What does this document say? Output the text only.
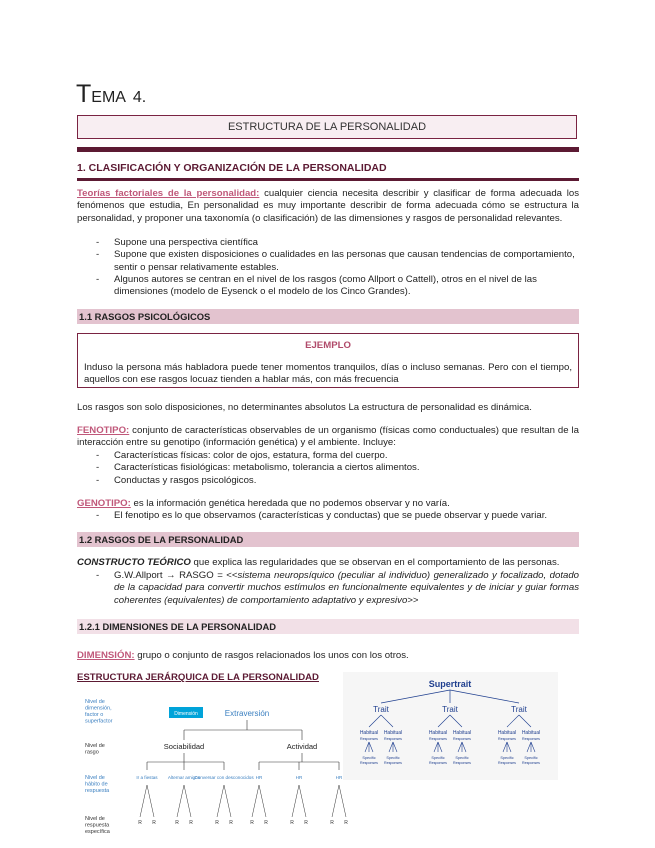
TEMA 4.
ESTRUCTURA DE LA PERSONALIDAD
1. CLASIFICACIÓN Y ORGANIZACIÓN DE LA PERSONALIDAD
Teorías factoriales de la personalidad: cualquier ciencia necesita describir y clasificar de forma adecuada los fenómenos que estudia, En personalidad es muy importante describir de forma adecuada cómo se estructura la personalidad, y proponer una taxonomía (o clasificación) de las dimensiones y rasgos de personalidad relevantes.
- Supone una perspectiva científica
- Supone que existen disposiciones o cualidades en las personas que causan tendencias de comportamiento, sentir o pensar relativamente estables.
- Algunos autores se centran en el nivel de los rasgos (como Allport o Cattell), otros en el nivel de las dimensiones (modelo de Eysenck o el modelo de los Cinco Grandes).
1.1 RASGOS PSICOLÓGICOS
EJEMPLO
Induso la persona más habladora puede tener momentos tranquilos, días o incluso semanas. Pero con el tiempo, aquellos con ese rasgos locuaz tienden a hablar más, con más frecuencia
Los rasgos son solo disposiciones, no determinantes absolutos La estructura de personalidad es dinámica.
FENOTIPO: conjunto de características observables de un organismo (físicas como conductuales) que resultan de la interacción entre su genotipo (información genética) y el ambiente. Incluye:
- Características físicas: color de ojos, estatura, forma del cuerpo.
- Características fisiológicas: metabolismo, tolerancia a ciertos alimentos.
- Conductas y rasgos psicológicos.
GENOTIPO: es la información genética heredada que no podemos observar y no varía.
- El fenotipo es lo que observamos (características y conductas) que se puede observar y puede variar.
1.2 RASGOS DE LA PERSONALIDAD
CONSTRUCTO TEÓRICO que explica las regularidades que se observan en el comportamiento de las personas.
- G.W.Allport → RASGO = <<sistema neuropsíquico (peculiar al individuo) generalizado y focalizado, dotado de la capacidad para convertir muchos estímulos en funcionalmente equivalentes y de iniciar y guiar formas coherentes (equivalentes) de comportamiento adaptativo y expresivo>>
1.2.1 DIMENSIONES DE LA PERSONALIDAD
DIMENSIÓN: grupo o conjunto de rasgos relacionados los unos con los otros.
ESTRUCTURA JERÁRQUICA DE LA PERSONALIDAD
Nivel de dimensión, factor o superfactor
Nivel de rasgo
Nivel de hábito de respuesta
Nivel de respuesta específica
Dimensión	Extraversión
Sociabilidad	Actividad
Ir a fiestas Alternar amigos
Conversar con desconocidos HR	HR	HR
R R	R R	R R	R R	R R	R R
Supertrait
Trait	Trait	Trait
Habitual
Responses
Specific
Responses
Habitual
Responses
Specific
Responses
Habitual
Responses
Specific
Responses
Habitual
Responses
Specific
Responses
Habitual
Responses
Specific
Responses
Habitual
Responses
Specific
Responses
